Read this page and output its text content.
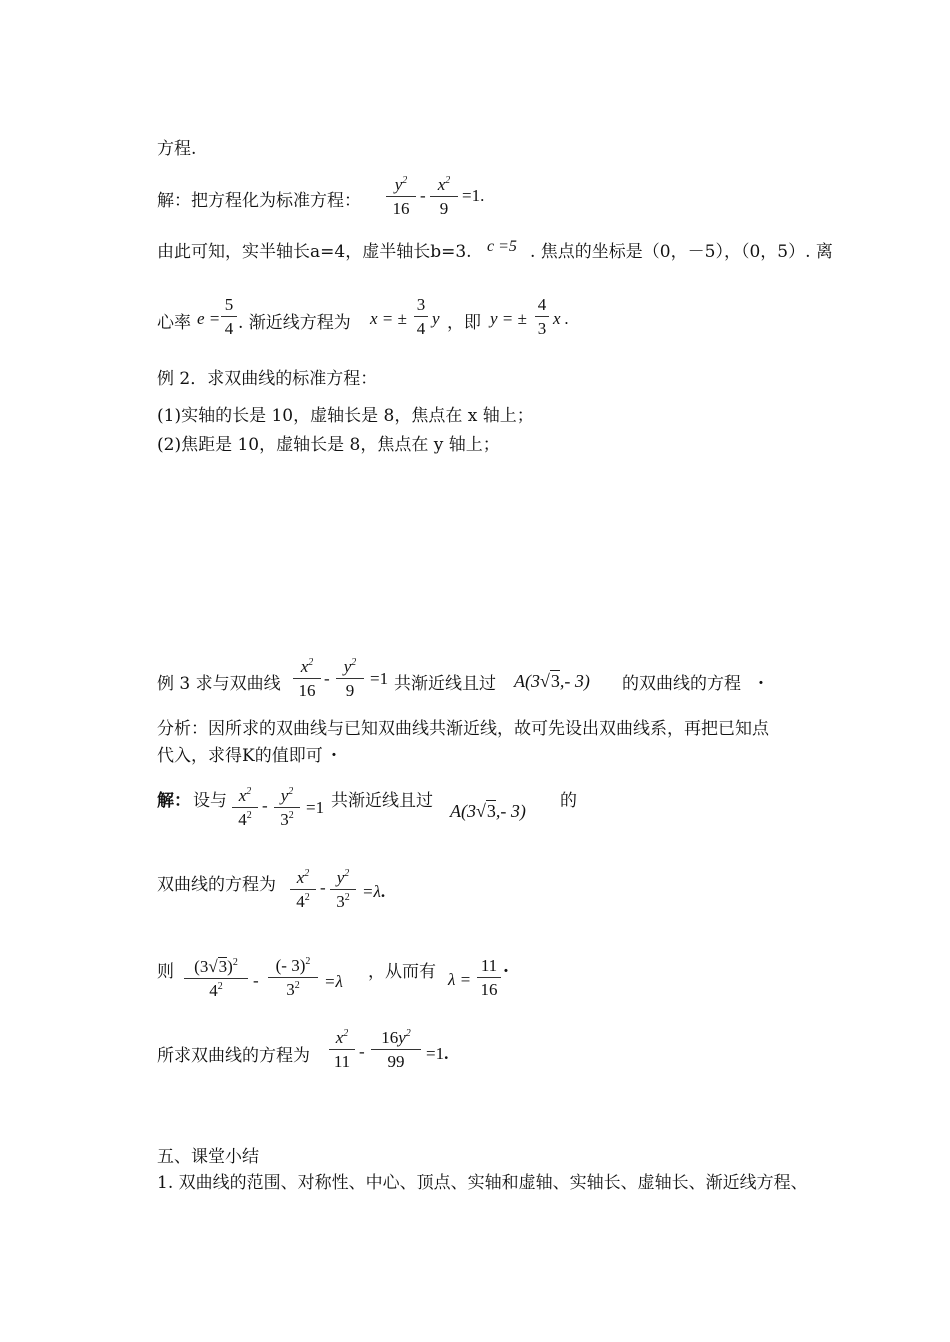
方程.
解：把方程化为标准方程：
$y^2$
16
-
$x^2$
9
=1.
由此可知，实半轴长a=4，虚半轴长b=3. c =5 . 焦点的坐标是（0，－5），（0，5）. 离
心率 e =
5
4 . 渐近线方程为 x = ±
3
4
y ，即 y = ±
4
3
x .
例 2．求双曲线的标准方程：
(1)实轴的长是 10，虚轴长是 8，焦点在 x 轴上；
(2)焦距是 10，虚轴长是 8，焦点在 y 轴上；
例 3 求与双曲线
$x^2$
16
-
$y^2$
9
=1 共渐近线且过 A(3√3,- 3) 的双曲线的方程 .
分析：因所求的双曲线与已知双曲线共渐近线，故可先设出双曲线系，再把已知点
代入，求得Κ的值即可 .
解： 设与 $x^2$
$4^2$
-
$y^2$
$3^2 =1$ 共渐近线且过 A(3√3,- 3) 的
双曲线的方程为	$x^2$
$4^2$
-
$y^2$
$3^2 =\lambda$.
则	$(3√3)^2$
$4^2$	-
(- 3)$^2$
$3^2$	=λ ，从而有 λ =
11
16
.
所求双曲线的方程为
$x^2$
11
-
$16y^2$
99	=1.
五、课堂小结
1. 双曲线的范围、对称性、中心、顶点、实轴和虚轴、实轴长、虚轴长、渐近线方程、
